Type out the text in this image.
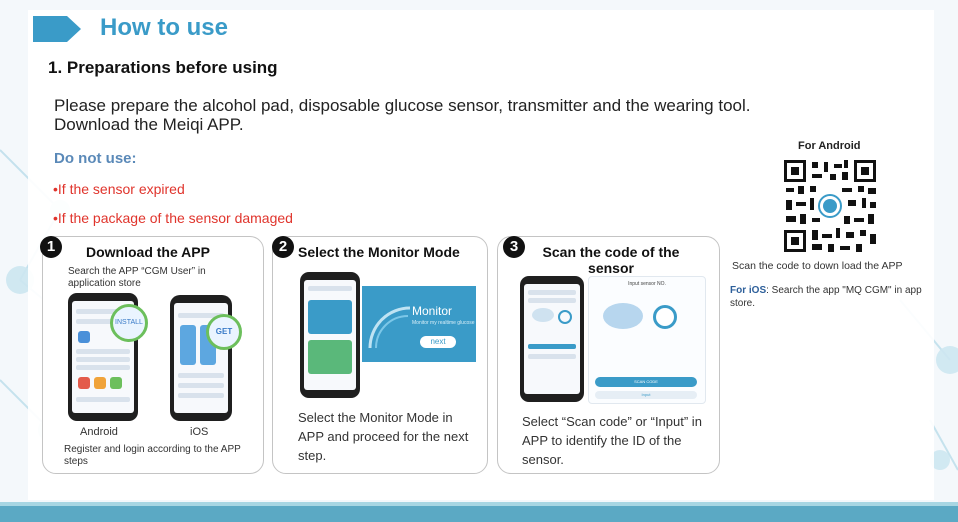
How to use
1. Preparations before using
Please prepare the alcohol pad, disposable glucose sensor, transmitter and the wearing tool.
Download the Meiqi APP.
Do not use:
•If the sensor expired
•If the package of the sensor damaged
For Android
Scan the code to down load the APP
For iOS: Search the app "MQ CGM" in app store.
1	2	3
Download the APP	Select the Monitor Mode	Scan the code of the sensor
Search the APP “CGM User” in application store
INSTALL
GET
Android	iOS
Register and login according to the APP steps
Monitor
Monitor my realtime glucose
next
Select the Monitor Mode in APP and proceed for the next step.
Input sensor NO.
SCAN CODE
Input
Select “Scan code” or “Input” in APP to identify the ID of the sensor.
